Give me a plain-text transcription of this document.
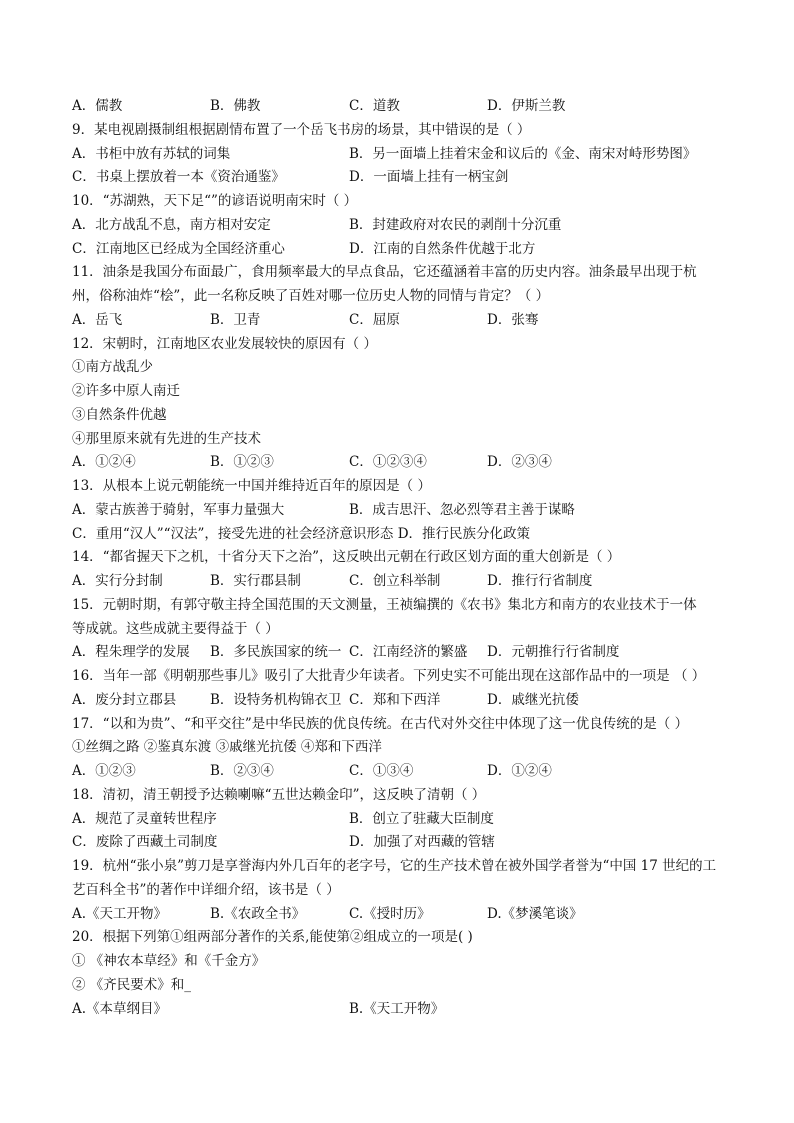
A．儒教	B．佛教	C．道教	D．伊斯兰教
9．某电视剧摄制组根据剧情布置了一个岳飞书房的场景，其中错误的是（ ）
A．书柜中放有苏轼的词集	B．另一面墙上挂着宋金和议后的《金、南宋对峙形势图》
C．书桌上摆放着一本《资治通鉴》	D．一面墙上挂有一柄宝剑
10．“苏湖熟，天下足“”的谚语说明南宋时（ ）
A．北方战乱不息，南方相对安定	B．封建政府对农民的剥削十分沉重
C．江南地区已经成为全国经济重心	D．江南的自然条件优越于北方
11．油条是我国分布面最广，食用频率最大的早点食品，它还蕴涵着丰富的历史内容。油条最早出现于杭
州，俗称油炸“桧”，此一名称反映了百姓对哪一位历史人物的同情与肯定？（ ）
A．岳飞	B．卫青	C．屈原	D．张骞
12．宋朝时，江南地区农业发展较快的原因有（ ）
①南方战乱少
②许多中原人南迁
③自然条件优越
④那里原来就有先进的生产技术
A．①②④	B．①②③	C．①②③④	D．②③④
13．从根本上说元朝能统一中国并维持近百年的原因是（ ）
A．蒙古族善于骑射，军事力量强大	B．成吉思汗、忽必烈等君主善于谋略
C．重用“汉人”“汉法”，接受先进的社会经济意识形态 D．推行民族分化政策
14．“都省握天下之机，十省分天下之治”，这反映出元朝在行政区划方面的重大创新是（ ）
A．实行分封制	B．实行郡县制	C．创立科举制	D．推行行省制度
15．元朝时期，有郭守敬主持全国范围的天文测量，王祯编撰的《农书》集北方和南方的农业技术于一体
等成就。这些成就主要得益于（ ）
A．程朱理学的发展 B．多民族国家的统一 C．江南经济的繁盛 D．元朝推行行省制度
16．当年一部《明朝那些事儿》吸引了大批青少年读者。下列史实不可能出现在这部作品中的一项是 （ ）
A．废分封立郡县	B．设特务机构锦衣卫 C．郑和下西洋	D．戚继光抗倭
17．“以和为贵”、“和平交往”是中华民族的优良传统。在古代对外交往中体现了这一优良传统的是（ ）
①丝绸之路 ②鉴真东渡 ③戚继光抗倭 ④郑和下西洋
A．①②③	B．②③④	C．①③④	D．①②④
18．清初，清王朝授予达赖喇嘛“五世达赖金印”，这反映了清朝（ ）
A．规范了灵童转世程序	B．创立了驻藏大臣制度
C．废除了西藏土司制度	D．加强了对西藏的管辖
19．杭州“张小泉”剪刀是享誉海内外几百年的老字号，它的生产技术曾在被外国学者誉为“中国 17 世纪的工
艺百科全书”的著作中详细介绍，该书是（ ）
A.《天工开物》	B.《农政全书》	C.《授时历》	D.《梦溪笔谈》
20．根据下列第①组两部分著作的关系,能使第②组成立的一项是( )
① 《神农本草经》和《千金方》
② 《齐民要术》和_
A.《本草纲目》	B.《天工开物》
